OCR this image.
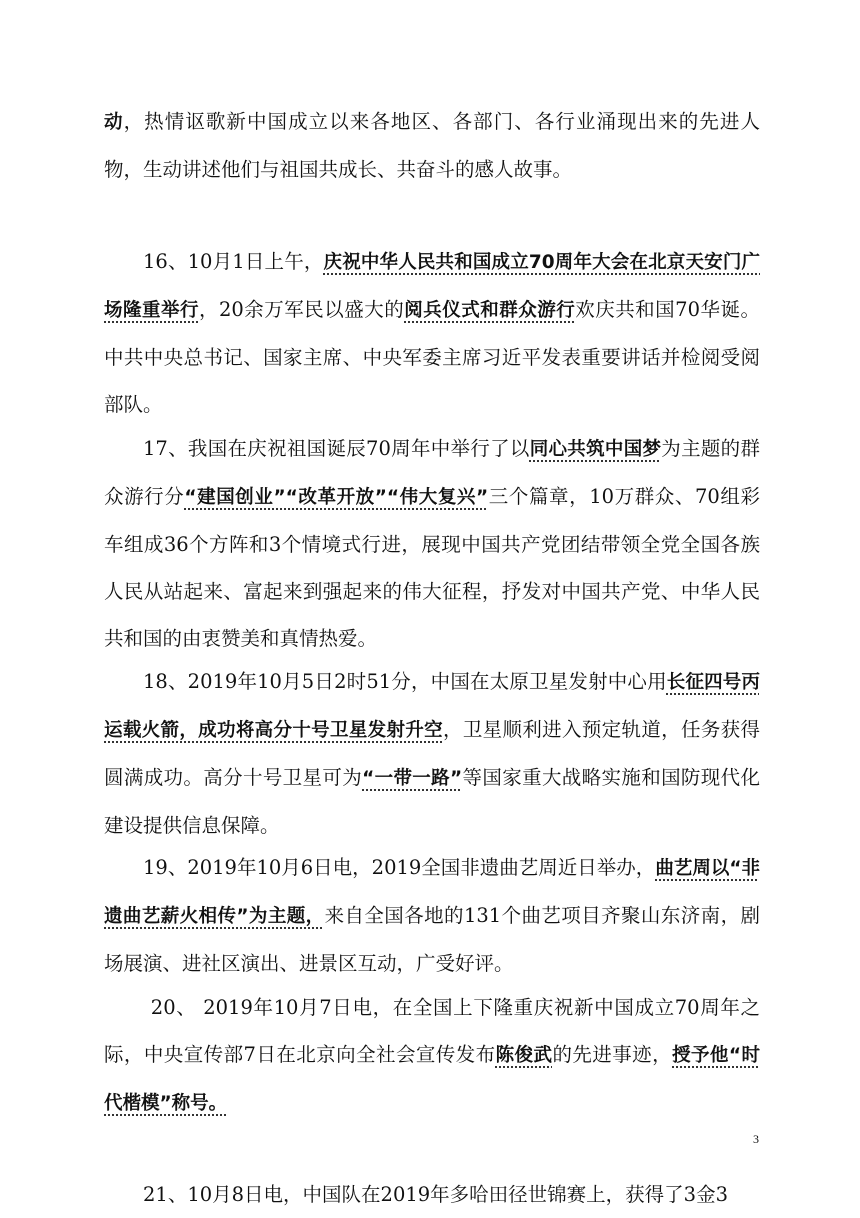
动，热情讴歌新中国成立以来各地区、各部门、各行业涌现出来的先进人物，生动讲述他们与祖国共成长、共奋斗的感人故事。

16、10月1日上午，庆祝中华人民共和国成立70周年大会在北京天安门广场隆重举行，20余万军民以盛大的阅兵仪式和群众游行欢庆共和国70华诞。中共中央总书记、国家主席、中央军委主席习近平发表重要讲话并检阅受阅部队。

17、我国在庆祝祖国诞辰70周年中举行了以同心共筑中国梦为主题的群众游行分“建国创业”“改革开放”“伟大复兴”三个篇章，10万群众、70组彩车组成36个方阵和3个情境式行进，展现中国共产党团结带领全党全国各族人民从站起来、富起来到强起来的伟大征程，抒发对中国共产党、中华人民共和国的由衷赞美和真情热爱。

18、2019年10月5日2时51分，中国在太原卫星发射中心用长征四号丙运载火箭，成功将高分十号卫星发射升空，卫星顺利进入预定轨道，任务获得圆满成功。高分十号卫星可为“一带一路”等国家重大战略实施和国防现代化建设提供信息保障。

19、2019年10月6日电，2019全国非遗曲艺周近日举办，曲艺周以“非遗曲艺薪火相传”为主题，来自全国各地的131个曲艺项目齐聚山东济南，剧场展演、进社区演出、进景区互动，广受好评。

20、 2019年10月7日电，在全国上下隆重庆祝新中国成立70周年之际，中央宣传部7日在北京向全社会宣传发布陈俊武的先进事迹，授予他“时代楷模”称号。

21、10月8日电，中国队在2019年多哈田径世锦赛上，获得了3金3

3
